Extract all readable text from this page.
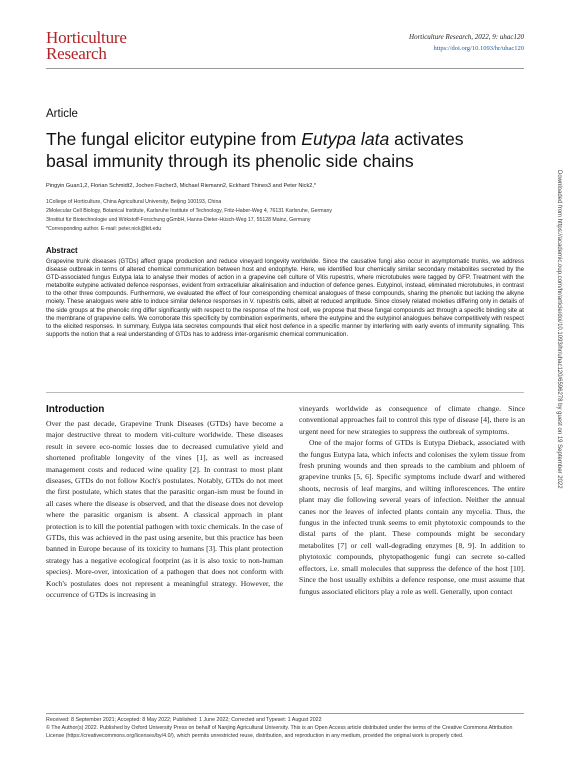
Horticulture
Research
Horticulture Research, 2022, 9: uhac120
https://doi.org/10.1093/hr/uhac120
Article
The fungal elicitor eutypine from Eutypa lata activates basal immunity through its phenolic side chains
Pingyin Guan1,2, Florian Schmidt2, Jochen Fischer3, Michael Riemann2, Eckhard Thines3 and Peter Nick2,*
1College of Horticulture, China Agricultural University, Beijing 100193, China
2Molecular Cell Biology, Botanical Institute, Karlsruhe Institute of Technology, Fritz-Haber-Weg 4, 76131 Karlsruhe, Germany
3Institut für Biotechnologie und Wirkstoff-Forschung gGmbH, Hanns-Dieter-Hüsch-Weg 17, 55128 Mainz, Germany
*Corresponding author. E-mail: peter.nick@kit.edu
Abstract
Grapevine trunk diseases (GTDs) affect grape production and reduce vineyard longevity worldwide. Since the causative fungi also occur in asymptomatic trunks, we address disease outbreak in terms of altered chemical communication between host and endophyte. Here, we identified four chemically similar secondary metabolites secreted by the GTD-associated fungus Eutypa lata to analyse their modes of action in a grapevine cell culture of Vitis rupestris, where microtubules were tagged by GFP. Treatment with the metabolite eutypine activated defence responses, evident from extracellular alkalinisation and induction of defence genes. Eutypinol, instead, eliminated microtubules, in contrast to the other three compounds. Furthermore, we evaluated the effect of four corresponding chemical analogues of these compounds, sharing the phenolic but lacking the alkyne moiety. These analogues were able to induce similar defence responses in V. rupestris cells, albeit at reduced amplitude. Since closely related moieties differing only in details of the side groups at the phenolic ring differ significantly with respect to the response of the host cell, we propose that these fungal compounds act through a specific binding site at the membrane of grapevine cells. We corroborate this specificity by combination experiments, where the eutypine and the eutypinol analogues behave competitively with respect to the elicited responses. In summary, Eutypa lata secretes compounds that elicit host defence in a specific manner by interfering with early events of immunity signalling. This supports the notion that a real understanding of GTDs has to address inter-organismic chemical communication.
Introduction

Over the past decade, Grapevine Trunk Diseases (GTDs) have become a major destructive threat to modern viti-culture worldwide. These diseases result in severe eco-nomic losses due to decreased cumulative yield and shortened profitable longevity of the vines [1], as well as increased management costs and reduced wine quality [2]. In contrast to most plant diseases, GTDs do not follow Koch's postulates. Notably, GTDs do not meet the first postulate, which states that the parasitic organ-ism must be found in all cases where the disease is observed, and that the disease does not develop where the parasitic organism is absent. A classical approach in plant protection is to kill the potential pathogen with toxic chemicals. In the case of GTDs, this was achieved in the past using arsenite, but this practice has been banned in Europe because of its toxicity to humans [3]. This plant protection strategy has a negative ecological footprint (as it is also toxic to non-human species). More-over, intoxication of a pathogen that does not conform with Koch's postulates does not represent a meaningful strategy. However, the occurrence of GTDs is increasing in

vineyards worldwide as consequence of climate change. Since conventional approaches fail to control this type of disease [4], there is an urgent need for new strategies to suppress the outbreak of symptoms.

One of the major forms of GTDs is Eutypa Dieback, associated with the fungus Eutypa lata, which infects and colonises the xylem tissue from fresh pruning wounds and then spreads to the cambium and phloem of grapevine trunks [5, 6]. Specific symptoms include dwarf and withered shoots, necrosis of leaf margins, and wilting inflorescences. The entire plant may die following several years of infection. Neither the annual canes nor the leaves of infected plants contain any mycelia. Thus, the fungus in the infected trunk seems to emit phytotoxic compounds to the distal parts of the plant. These compounds might be secondary metabolites [7] or cell wall-degrading enzymes [8, 9]. In addition to phytotoxic compounds, phytopathogenic fungi can secrete so-called effectors, i.e. small molecules that suppress the defence of the host [10]. Since the host usually exhibits a defence response, one must assume that fungus associated elicitors play a role as well. Generally, upon contact

Downloaded from https://academic.oup.com/hr/article/doi/10.1093/hr/uhac120/6596278 by guest on 19 September 2022
Received: 8 September 2021; Accepted: 8 May 2022; Published: 1 June 2022; Corrected and Typeset: 1 August 2022
© The Author(s) 2022. Published by Oxford University Press on behalf of Nanjing Agricultural University. This is an Open Access article distributed under the terms of the Creative Commons Attribution License (https://creativecommons.org/licenses/by/4.0/), which permits unrestricted reuse, distribution, and reproduction in any medium, provided the original work is properly cited.
